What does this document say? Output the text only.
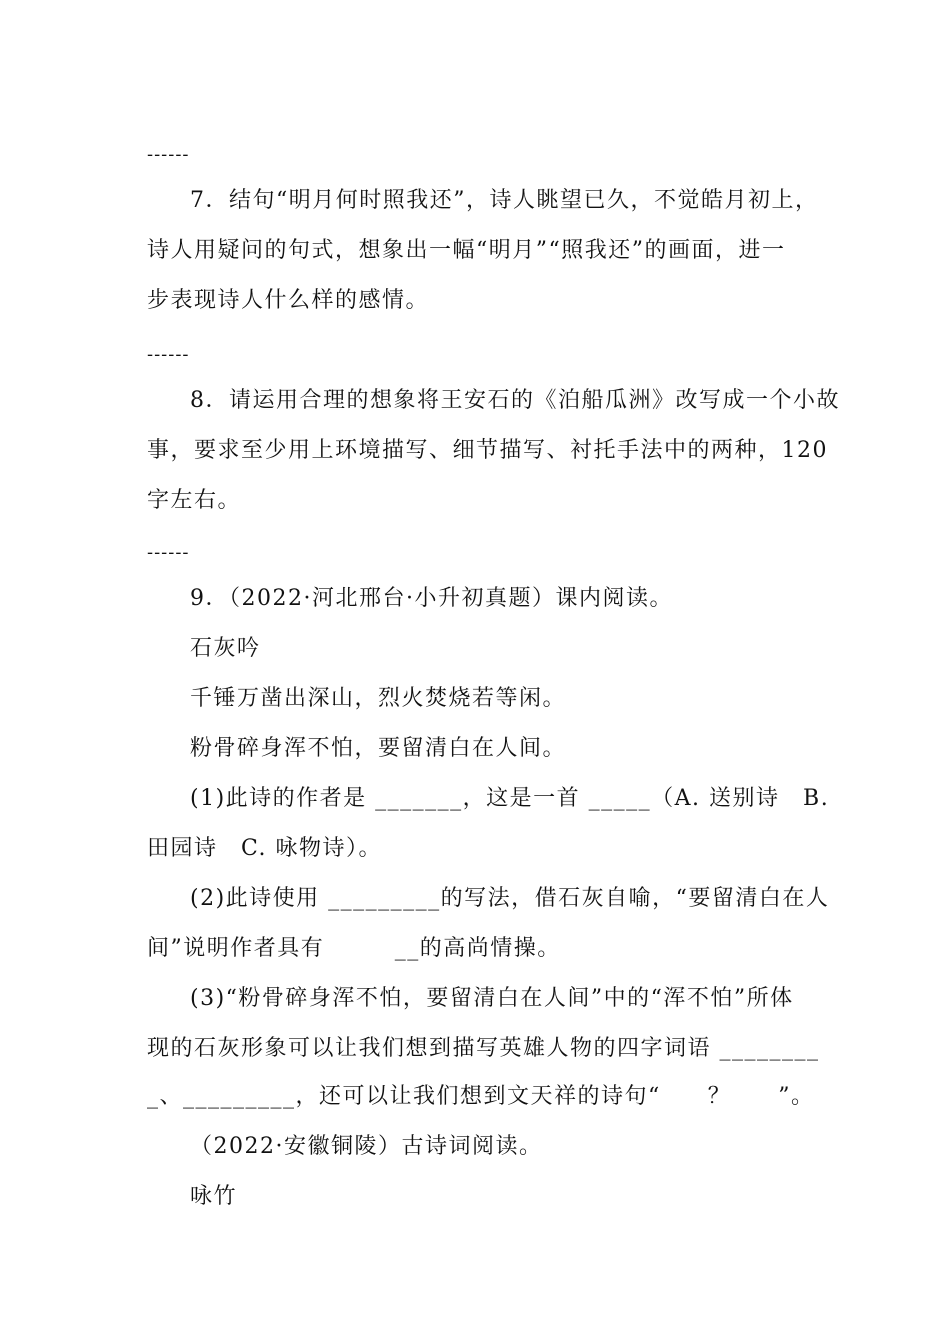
------

7．结句“明月何时照我还”，诗人眺望已久，不觉皓月初上，

诗人用疑问的句式，想象出一幅“明月”“照我还”的画面，进一

步表现诗人什么样的感情。

------

8．请运用合理的想象将王安石的《泊船瓜洲》改写成一个小故

事，要求至少用上环境描写、细节描写、衬托手法中的两种，120

字左右。

------

9．（2022·河北邢台·小升初真题）课内阅读。

石灰吟

千锤万凿出深山，烈火焚烧若等闲。

粉骨碎身浑不怕，要留清白在人间。

(1)此诗的作者是 _______，这是一首 _____（A. 送别诗　B.

田园诗　C. 咏物诗）。

(2)此诗使用 _________的写法，借石灰自喻，“要留清白在人

间”说明作者具有　　　__的高尚情操。

(3)“粉骨碎身浑不怕，要留清白在人间”中的“浑不怕”所体

现的石灰形象可以让我们想到描写英雄人物的四字词语 ________

_、_________，还可以让我们想到文天祥的诗句“　　？　　”。

（2022·安徽铜陵）古诗词阅读。

咏竹
